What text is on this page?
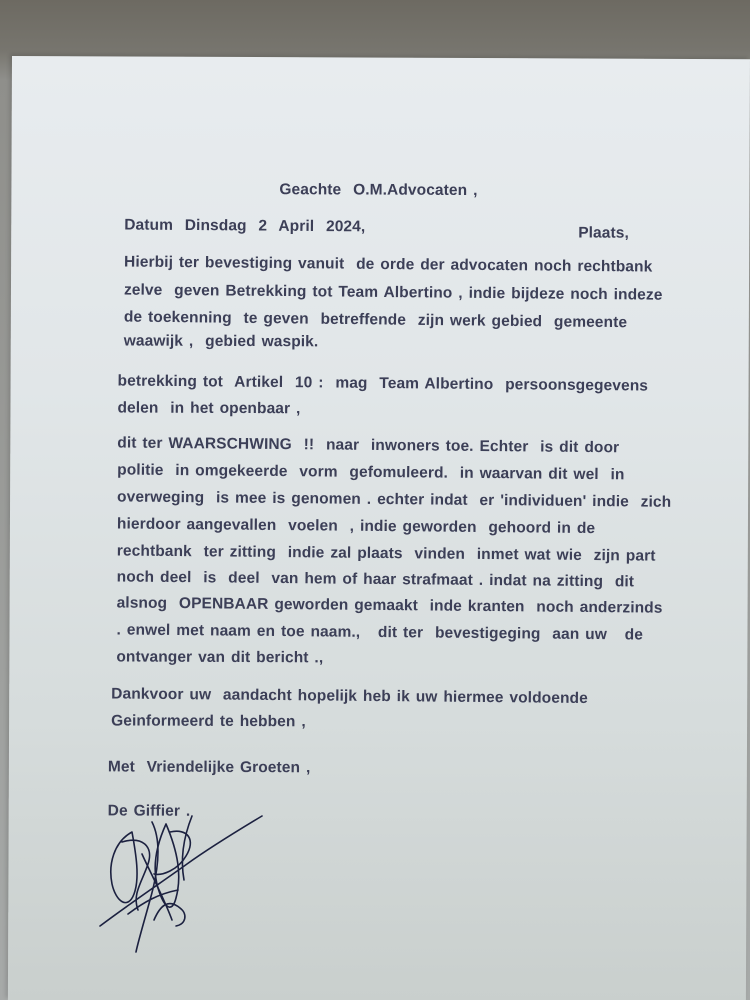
Geachte  O.M.Advocaten ,

Datum  Dinsdag  2  April  2024,	Plaats,

Hierbij ter bevestiging vanuit  de orde der advocaten noch rechtbank

zelve  geven Betrekking tot Team Albertino , indie bijdeze noch indeze

de toekenning  te geven  betreffende  zijn werk gebied  gemeente

waawijk ,  gebied waspik.

betrekking tot  Artikel  10 :  mag  Team Albertino  persoonsgegevens

delen  in het openbaar ,

dit ter WAARSCHWING  !!  naar  inwoners toe. Echter  is dit door

politie  in omgekeerde  vorm  gefomuleerd.  in waarvan dit wel  in

overweging  is mee is genomen . echter indat  er 'individuen' indie  zich

hierdoor aangevallen  voelen  , indie geworden  gehoord in de

rechtbank  ter zitting  indie zal plaats  vinden  inmet wat wie  zijn part

noch deel  is  deel  van hem of haar strafmaat . indat na zitting  dit

alsnog  OPENBAAR geworden gemaakt  inde kranten  noch anderzinds

. enwel met naam en toe naam.,   dit ter  bevestigeging  aan uw   de

ontvanger van dit bericht .,

Dankvoor uw  aandacht hopelijk heb ik uw hiermee voldoende

Geinformeerd te hebben ,

Met  Vriendelijke Groeten ,

De Giffier .
